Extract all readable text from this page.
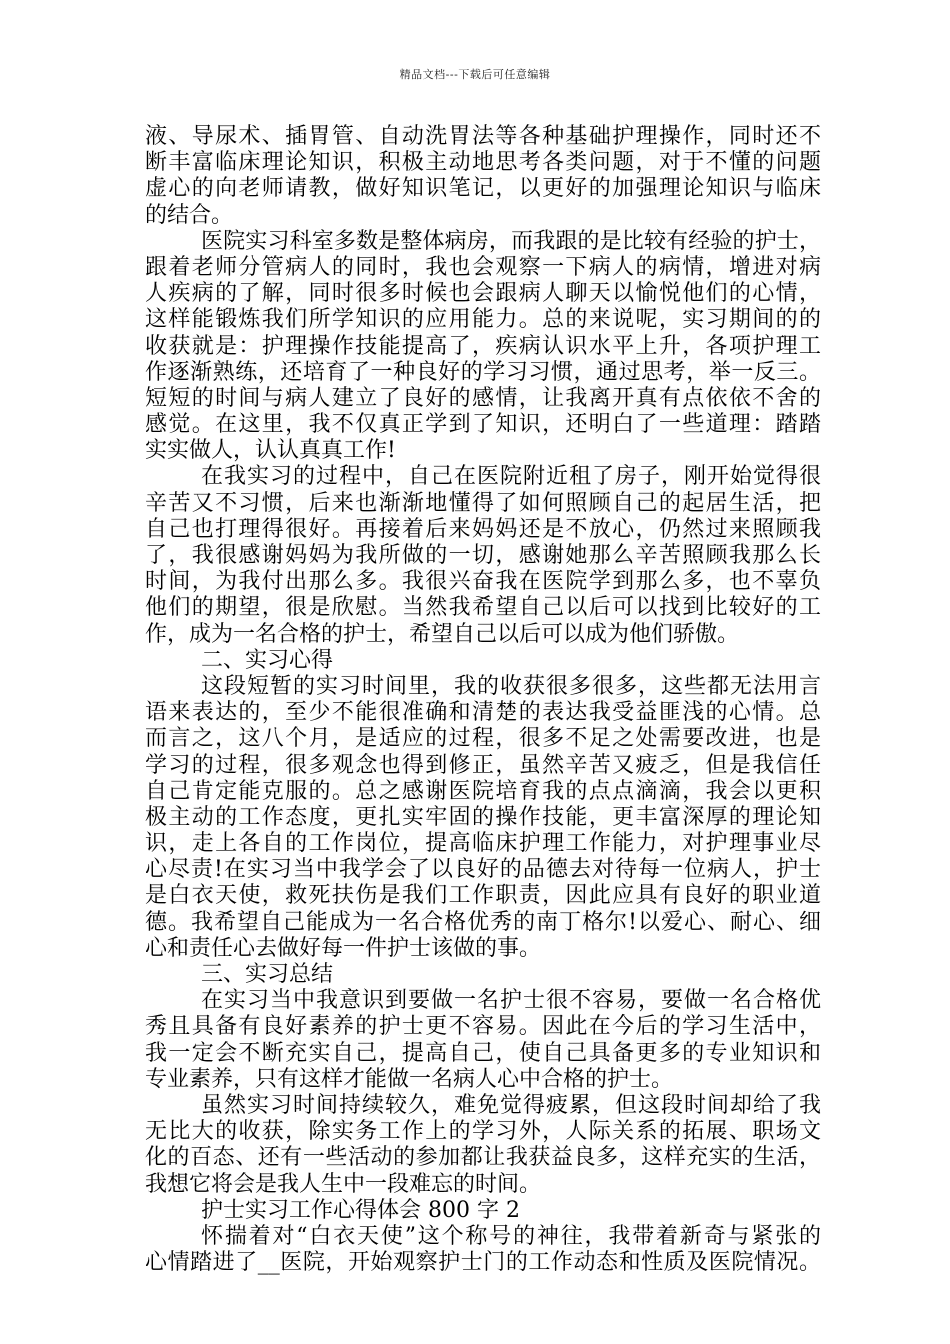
精品文档---下载后可任意编辑
液、导尿术、插胃管、自动洗胃法等各种基础护理操作，同时还不
断丰富临床理论知识，积极主动地思考各类问题，对于不懂的问题
虚心的向老师请教，做好知识笔记，以更好的加强理论知识与临床
的结合。
医院实习科室多数是整体病房，而我跟的是比较有经验的护士，
跟着老师分管病人的同时，我也会观察一下病人的病情，增进对病
人疾病的了解，同时很多时候也会跟病人聊天以愉悦他们的心情，
这样能锻炼我们所学知识的应用能力。总的来说呢，实习期间的的
收获就是：护理操作技能提高了，疾病认识水平上升，各项护理工
作逐渐熟练，还培育了一种良好的学习习惯，通过思考，举一反三。
短短的时间与病人建立了良好的感情，让我离开真有点依依不舍的
感觉。在这里，我不仅真正学到了知识，还明白了一些道理：踏踏
实实做人，认认真真工作!
在我实习的过程中，自己在医院附近租了房子，刚开始觉得很
辛苦又不习惯，后来也渐渐地懂得了如何照顾自己的起居生活，把
自己也打理得很好。再接着后来妈妈还是不放心，仍然过来照顾我
了，我很感谢妈妈为我所做的一切，感谢她那么辛苦照顾我那么长
时间，为我付出那么多。我很兴奋我在医院学到那么多，也不辜负
他们的期望，很是欣慰。当然我希望自己以后可以找到比较好的工
作，成为一名合格的护士，希望自己以后可以成为他们骄傲。
二、实习心得
这段短暂的实习时间里，我的收获很多很多，这些都无法用言
语来表达的，至少不能很准确和清楚的表达我受益匪浅的心情。总
而言之，这八个月，是适应的过程，很多不足之处需要改进，也是
学习的过程，很多观念也得到修正，虽然辛苦又疲乏，但是我信任
自己肯定能克服的。总之感谢医院培育我的点点滴滴，我会以更积
极主动的工作态度，更扎实牢固的操作技能，更丰富深厚的理论知
识，走上各自的工作岗位，提高临床护理工作能力，对护理事业尽
心尽责!在实习当中我学会了以良好的品德去对待每一位病人，护士
是白衣天使，救死扶伤是我们工作职责，因此应具有良好的职业道
德。我希望自己能成为一名合格优秀的南丁格尔!以爱心、耐心、细
心和责任心去做好每一件护士该做的事。
三、实习总结
在实习当中我意识到要做一名护士很不容易，要做一名合格优
秀且具备有良好素养的护士更不容易。因此在今后的学习生活中，
我一定会不断充实自己，提高自己，使自己具备更多的专业知识和
专业素养，只有这样才能做一名病人心中合格的护士。
虽然实习时间持续较久，难免觉得疲累，但这段时间却给了我
无比大的收获，除实务工作上的学习外，人际关系的拓展、职场文
化的百态、还有一些活动的参加都让我获益良多，这样充实的生活，
我想它将会是我人生中一段难忘的时间。
护士实习工作心得体会 800 字 2
怀揣着对“白衣天使”这个称号的神往，我带着新奇与紧张的
心情踏进了__医院，开始观察护士门的工作动态和性质及医院情况。
